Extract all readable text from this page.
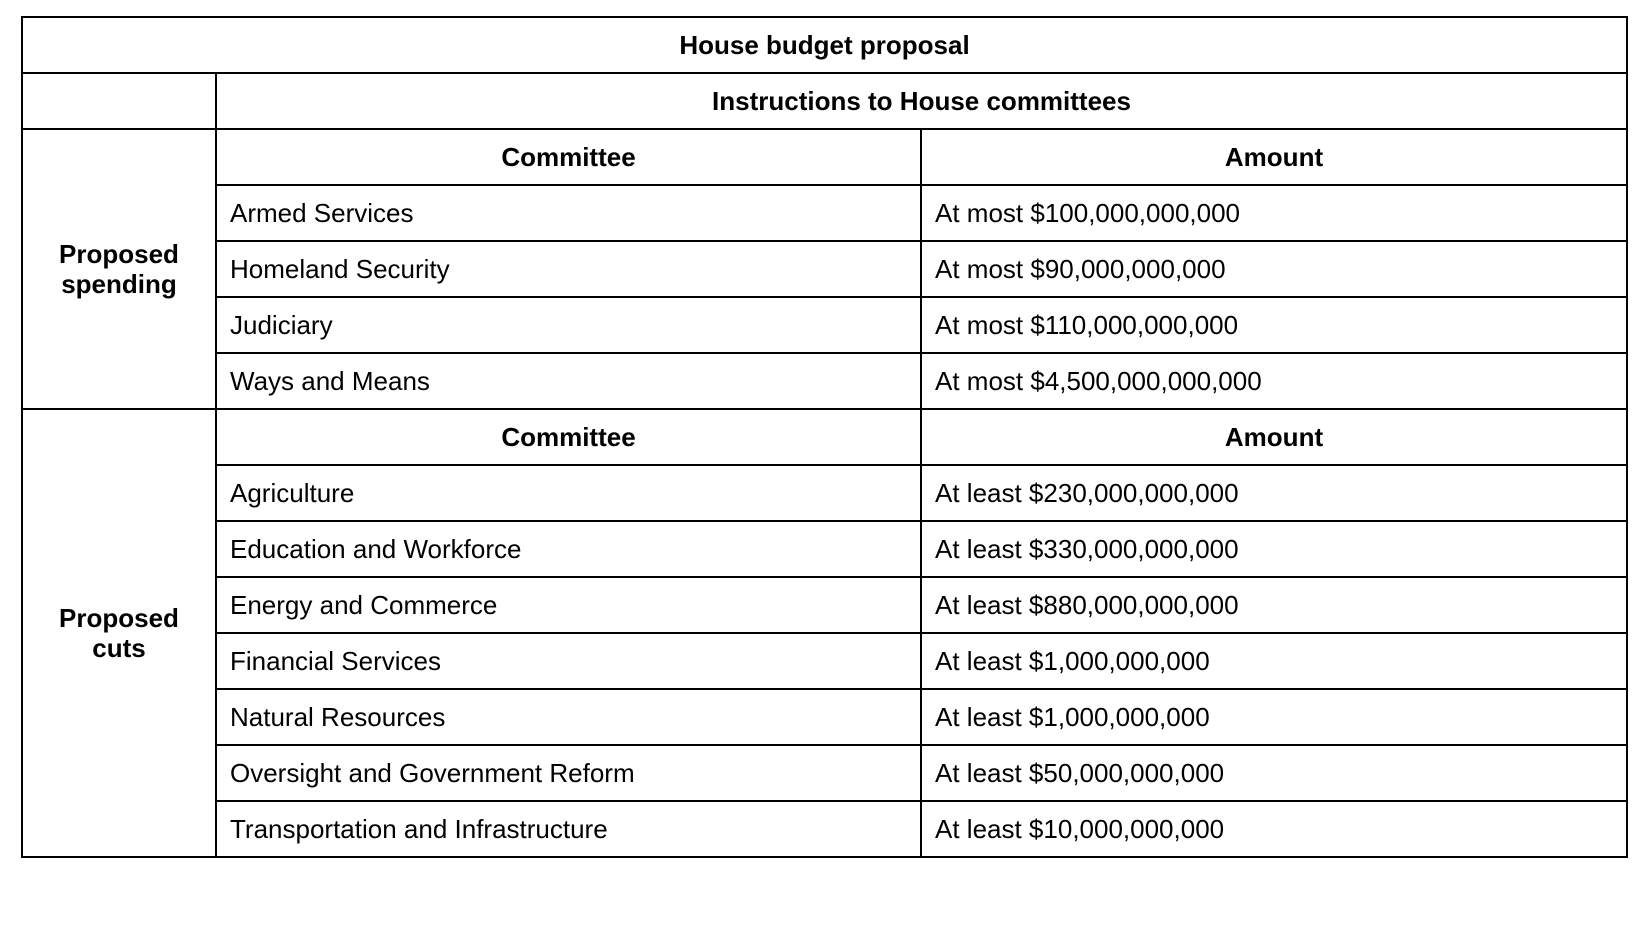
House budget proposal		
	Instructions to House committees	
Proposed spending	Committee	Amount
	Armed Services	At most $100,000,000,000
	Homeland Security	At most $90,000,000,000
	Judiciary	At most $110,000,000,000
	Ways and Means	At most $4,500,000,000,000
Proposed cuts	Committee	Amount
	Agriculture	At least $230,000,000,000
	Education and Workforce	At least $330,000,000,000
	Energy and Commerce	At least $880,000,000,000
	Financial Services	At least $1,000,000,000
	Natural Resources	At least $1,000,000,000
	Oversight and Government Reform	At least $50,000,000,000
	Transportation and Infrastructure	At least $10,000,000,000
